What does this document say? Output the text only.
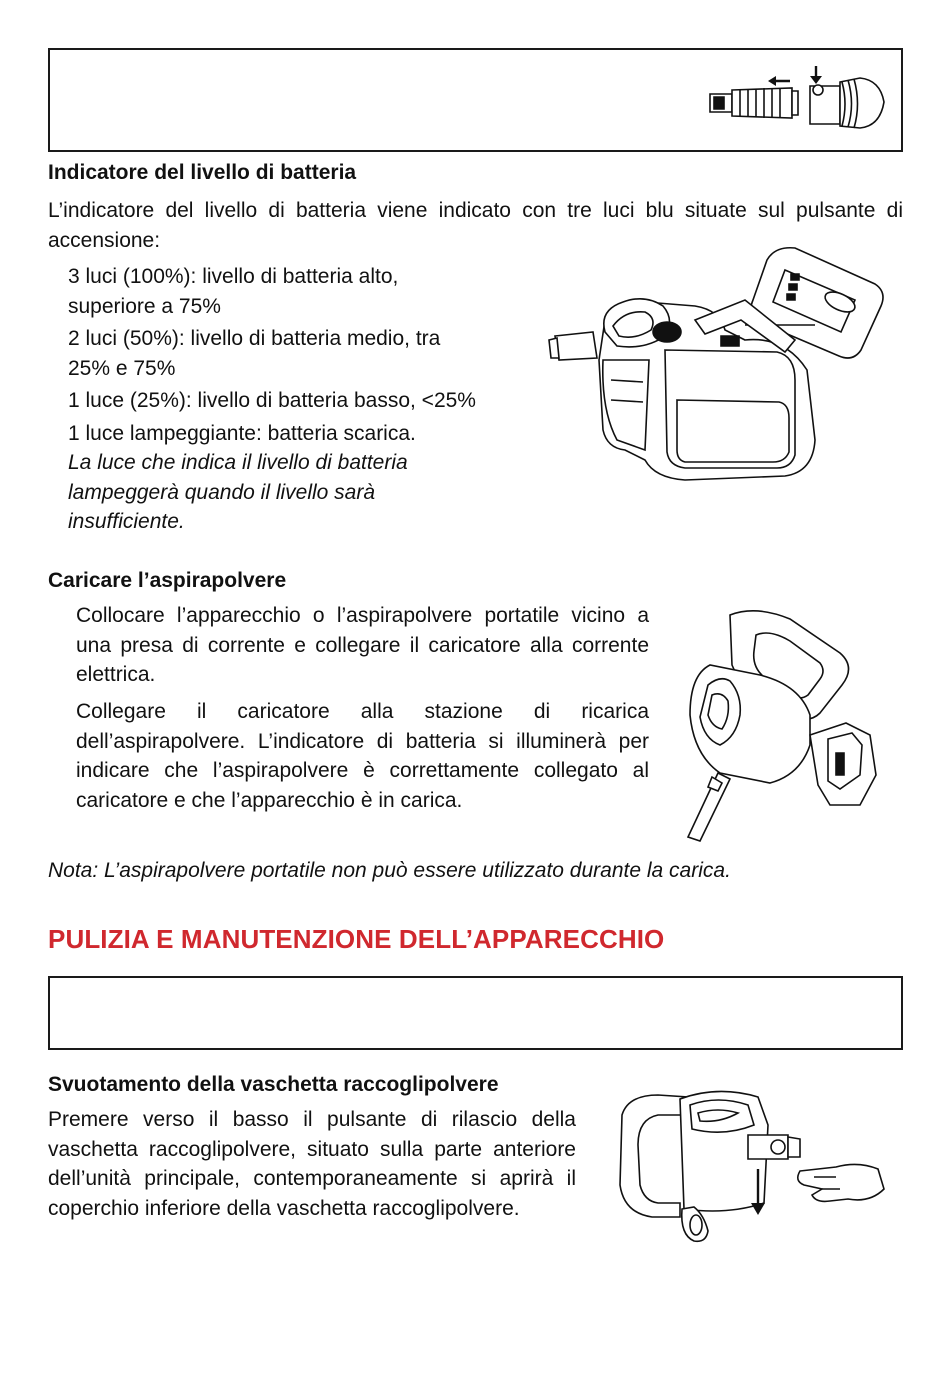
Indicatore del livello di batteria
L’indicatore del livello di batteria viene indicato con tre luci blu situate sul pulsante di accensione:
3 luci (100%): livello di batteria alto,
superiore a 75%
2 luci (50%): livello di batteria medio, tra
25% e 75%
1 luce (25%): livello di batteria basso, <25%
1 luce lampeggiante: batteria scarica.
La luce che indica il livello di batteria
lampeggerà quando il livello sarà
insufficiente.
Caricare l’aspirapolvere
Collocare l’apparecchio o l’aspirapolvere portatile vicino a una presa di corrente e collegare il caricatore alla corrente elettrica.
Collegare il caricatore alla stazione di ricarica dell’aspirapolvere. L’indicatore di batteria si illuminerà per indicare che l’aspirapolvere è correttamente collegato al caricatore e che l’apparecchio è in carica.
Nota: L’aspirapolvere portatile non può essere utilizzato durante la carica.
PULIZIA E MANUTENZIONE DELL’APPARECCHIO
Svuotamento della vaschetta raccoglipolvere
Premere verso il basso il pulsante di rilascio della vaschetta raccoglipolvere, situato sulla parte anteriore dell’unità principale, contemporaneamente si aprirà il coperchio inferiore della vaschetta raccoglipolvere.
